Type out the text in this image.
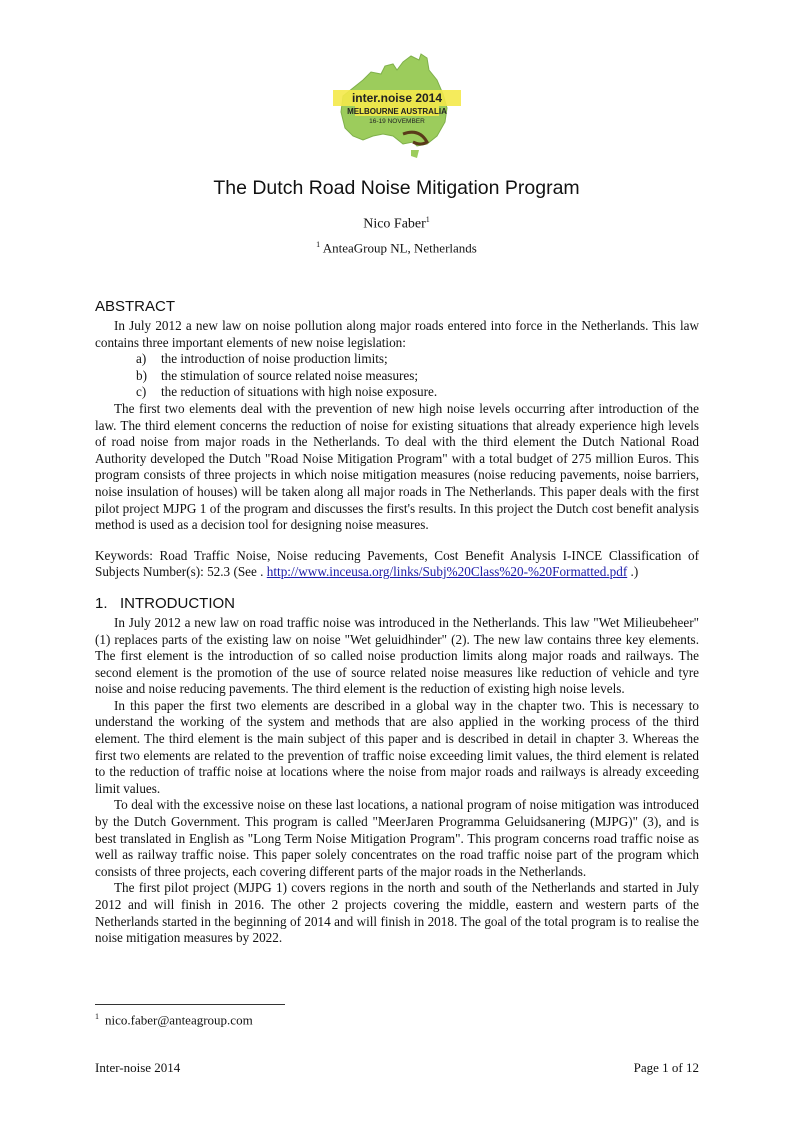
inter.noise 2014
MELBOURNE AUSTRALIA
16-19 NOVEMBER
The Dutch Road Noise Mitigation Program
Nico Faber$^1$
$^1$ AnteaGroup NL, Netherlands
ABSTRACT

In July 2012 a new law on noise pollution along major roads entered into force in the Netherlands. This law contains three important elements of new noise legislation:

a)	the introduction of noise production limits;
b)	the stimulation of source related noise measures;
c)	the reduction of situations with high noise exposure.

The first two elements deal with the prevention of new high noise levels occurring after introduction of the law. The third element concerns the reduction of noise for existing situations that already experience high levels of road noise from major roads in the Netherlands. To deal with the third element the Dutch National Road Authority developed the Dutch "Road Noise Mitigation Program" with a total budget of 275 million Euros. This program consists of three projects in which noise mitigation measures (noise reducing pavements, noise barriers, noise insulation of houses) will be taken along all major roads in The Netherlands. This paper deals with the first pilot project MJPG 1 of the program and discusses the first's results. In this project the Dutch cost benefit analysis method is used as a decision tool for designing noise measures.

Keywords: Road Traffic Noise, Noise reducing Pavements, Cost Benefit Analysis I-INCE Classification of Subjects Number(s): 52.3 (See . http://www.inceusa.org/links/Subj%20Class%20-%20Formatted.pdf .)

1.   INTRODUCTION

In July 2012 a new law on road traffic noise was introduced in the Netherlands. This law "Wet Milieubeheer" (1) replaces parts of the existing law on noise "Wet geluidhinder" (2). The new law contains three key elements. The first element is the introduction of so called noise production limits along major roads and railways. The second element is the promotion of the use of source related noise measures like reduction of vehicle and tyre noise and noise reducing pavements. The third element is the reduction of existing high noise levels.

In this paper the first two elements are described in a global way in the chapter two. This is necessary to understand the working of the system and methods that are also applied in the working process of the third element. The third element is the main subject of this paper and is described in detail in chapter 3. Whereas the first two elements are related to the prevention of traffic noise exceeding limit values, the third element is related to the reduction of traffic noise at locations where the noise from major roads and railways is already exceeding limit values.

To deal with the excessive noise on these last locations, a national program of noise mitigation was introduced by the Dutch Government. This program is called "MeerJaren Programma Geluidsanering (MJPG)" (3), and is best translated in English as "Long Term Noise Mitigation Program". This program concerns road traffic noise as well as railway traffic noise. This paper solely concentrates on the road traffic noise part of the program which consists of three projects, each covering different parts of the major roads in the Netherlands.

The first pilot project (MJPG 1) covers regions in the north and south of the Netherlands and started in July 2012 and will finish in 2016. The other 2 projects covering the middle, eastern and western parts of the Netherlands started in the beginning of 2014 and will finish in 2018. The goal of the total program is to realise the noise mitigation measures by 2022.

$^1$ nico.faber@anteagroup.com
Inter-noise 2014	Page 1 of 12
